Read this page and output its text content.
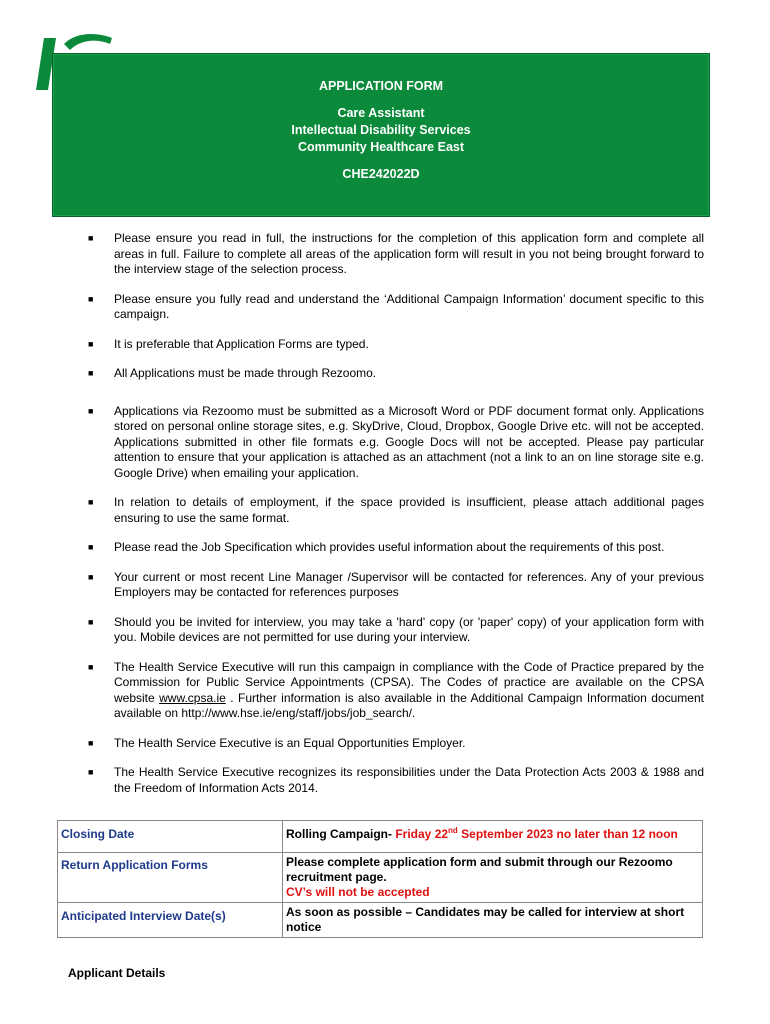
APPLICATION FORM
Care Assistant
Intellectual Disability Services
Community Healthcare East
CHE242022D
■ Please ensure you read in full, the instructions for the completion of this application form and complete all areas in full. Failure to complete all areas of the application form will result in you not being brought forward to the interview stage of the selection process.
■ Please ensure you fully read and understand the ‘Additional Campaign Information’ document specific to this campaign.
■ It is preferable that Application Forms are typed.
■ All Applications must be made through Rezoomo.
■ Applications via Rezoomo must be submitted as a Microsoft Word or PDF document format only. Applications stored on personal online storage sites, e.g. SkyDrive, Cloud, Dropbox, Google Drive etc. will not be accepted. Applications submitted in other file formats e.g. Google Docs will not be accepted. Please pay particular attention to ensure that your application is attached as an attachment (not a link to an on line storage site e.g. Google Drive) when emailing your application.
■ In relation to details of employment, if the space provided is insufficient, please attach additional pages ensuring to use the same format.
■ Please read the Job Specification which provides useful information about the requirements of this post.
■ Your current or most recent Line Manager /Supervisor will be contacted for references. Any of your previous Employers may be contacted for references purposes
■ Should you be invited for interview, you may take a 'hard' copy (or 'paper' copy) of your application form with you. Mobile devices are not permitted for use during your interview.
■ The Health Service Executive will run this campaign in compliance with the Code of Practice prepared by the Commission for Public Service Appointments (CPSA). The Codes of practice are available on the CPSA website www.cpsa.ie . Further information is also available in the Additional Campaign Information document available on http://www.hse.ie/eng/staff/jobs/job_search/.
■ The Health Service Executive is an Equal Opportunities Employer.
■ The Health Service Executive recognizes its responsibilities under the Data Protection Acts 2003 & 1988 and the Freedom of Information Acts 2014.
Closing Date	Rolling Campaign- Friday 22nd September 2023 no later than 12 noon
Return Application Forms	Please complete application form and submit through our Rezoomo recruitment page.
CV’s will not be accepted

Anticipated Interview Date(s)	As soon as possible – Candidates may be called for interview at short notice
Applicant Details
